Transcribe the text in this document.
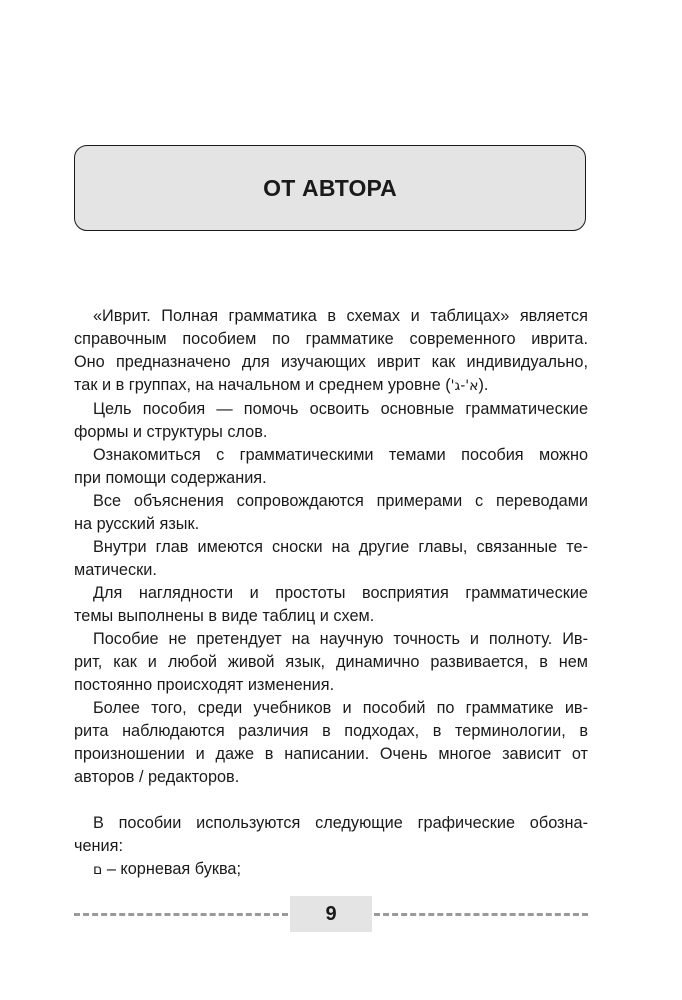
ОТ АВТОРА

«Иврит. Полная грамматика в схемах и таблицах» является
справочным пособием по грамматике современного иврита.
Оно предназначено для изучающих иврит как индивидуально,
так и в группах, на начальном и среднем уровне (א'-ג').

Цель пособия — помочь освоить основные грамматические
формы и структуры слов.

Ознакомиться с грамматическими темами пособия можно
при помощи содержания.

Все объяснения сопровождаются примерами с переводами
на русский язык.

Внутри глав имеются сноски на другие главы, связанные те-
матически.

Для наглядности и простоты восприятия грамматические
темы выполнены в виде таблиц и схем.

Пособие не претендует на научную точность и полноту. Ив-
рит, как и любой живой язык, динамично развивается, в нем
постоянно происходят изменения.

Более того, среди учебников и пособий по грамматике ив-
рита наблюдаются различия в подходах, в терминологии, в
произношении и даже в написании. Очень многое зависит от
авторов / редакторов.

В пособии используются следующие графические обозна-
чения:

ם – корневая буква;

9
